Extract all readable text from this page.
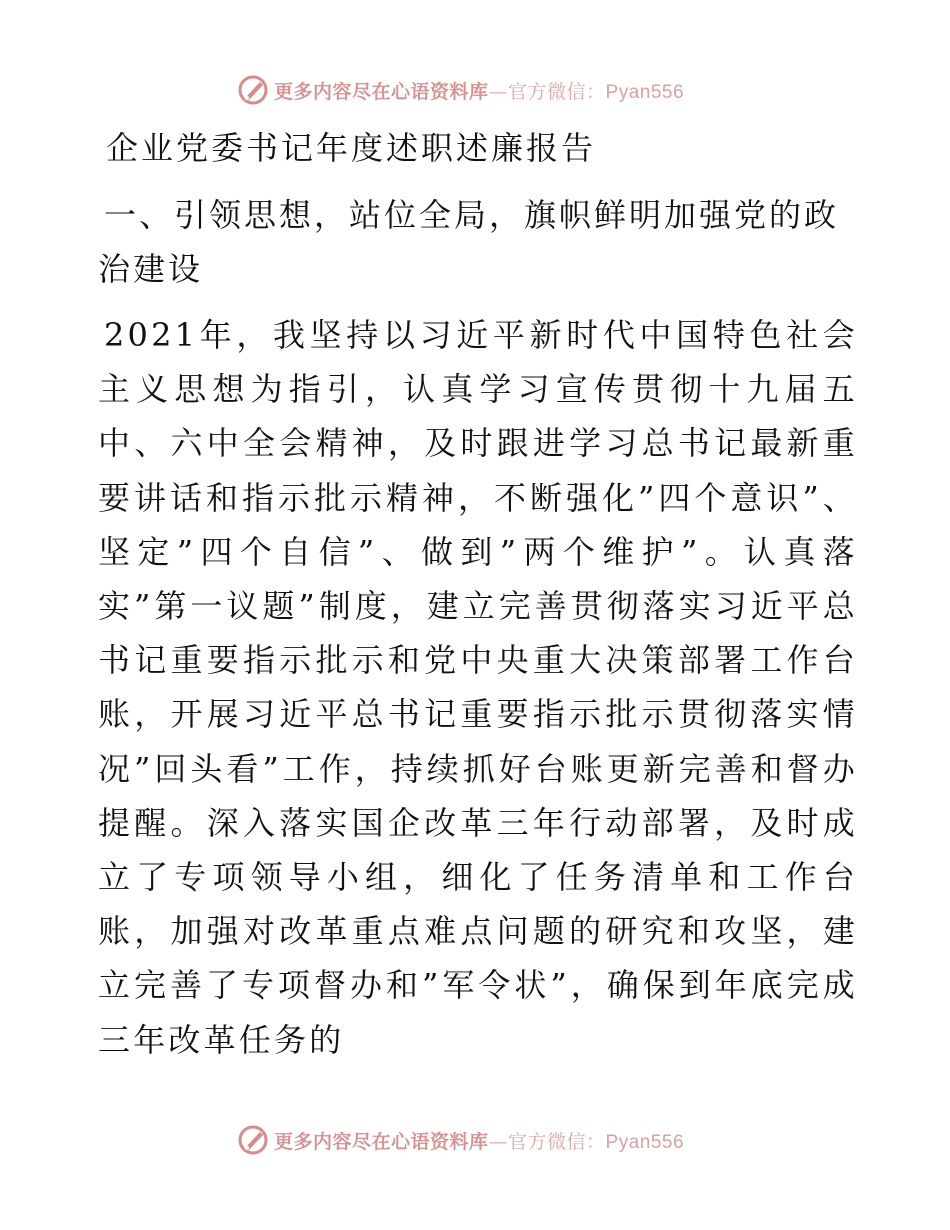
更多内容尽在心语资料库—官方微信：Pyan556
企业党委书记年度述职述廉报告
一、引领思想，站位全局，旗帜鲜明加强党的政治建设

2021年，我坚持以习近平新时代中国特色社会主义思想为指引，认真学习宣传贯彻十九届五中、六中全会精神，及时跟进学习总书记最新重要讲话和指示批示精神，不断强化”四个意识”、坚定”四个自信”、做到”两个维护”。认真落实”第一议题”制度，建立完善贯彻落实习近平总书记重要指示批示和党中央重大决策部署工作台账，开展习近平总书记重要指示批示贯彻落实情况”回头看”工作，持续抓好台账更新完善和督办提醒。深入落实国企改革三年行动部署，及时成立了专项领导小组，细化了任务清单和工作台账，加强对改革重点难点问题的研究和攻坚，建立完善了专项督办和”军令状”，确保到年底完成三年改革任务的

更多内容尽在心语资料库—官方微信：Pyan556
